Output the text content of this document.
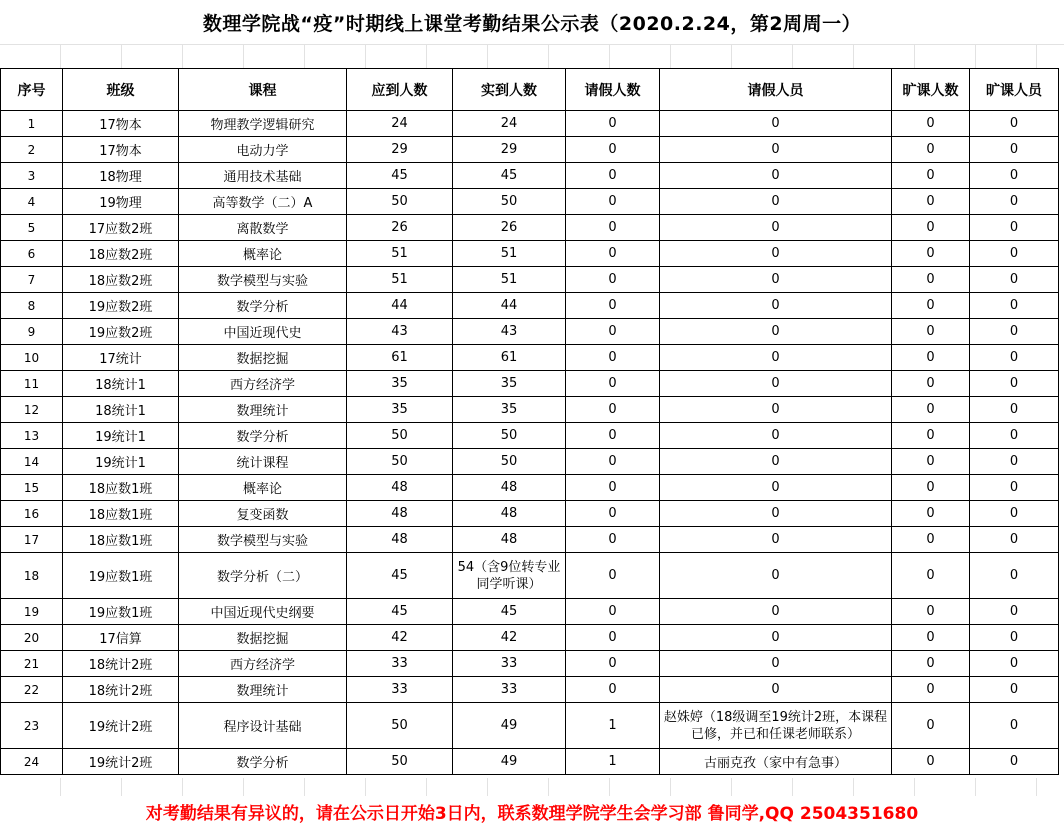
数理学院战“疫”时期线上课堂考勤结果公示表（2020.2.24，第2周周一）
序号	班级	课程	应到人数	实到人数	请假人数	请假人员	旷课人数	旷课人员
1	17物本	物理教学逻辑研究	24	24	0	0	0	0
2	17物本	电动力学	29	29	0	0	0	0
3	18物理	通用技术基础	45	45	0	0	0	0
4	19物理	高等数学（二）A	50	50	0	0	0	0
5	17应数2班	离散数学	26	26	0	0	0	0
6	18应数2班	概率论	51	51	0	0	0	0
7	18应数2班	数学模型与实验	51	51	0	0	0	0
8	19应数2班	数学分析	44	44	0	0	0	0
9	19应数2班	中国近现代史	43	43	0	0	0	0
10	17统计	数据挖掘	61	61	0	0	0	0
11	18统计1	西方经济学	35	35	0	0	0	0
12	18统计1	数理统计	35	35	0	0	0	0
13	19统计1	数学分析	50	50	0	0	0	0
14	19统计1	统计课程	50	50	0	0	0	0
15	18应数1班	概率论	48	48	0	0	0	0
16	18应数1班	复变函数	48	48	0	0	0	0
17	18应数1班	数学模型与实验	48	48	0	0	0	0
18	19应数1班	数学分析（二）	45	54（含9位转专业同学听课）	0	0	0	0
19	19应数1班	中国近现代史纲要	45	45	0	0	0	0
20	17信算	数据挖掘	42	42	0	0	0	0
21	18统计2班	西方经济学	33	33	0	0	0	0
22	18统计2班	数理统计	33	33	0	0	0	0
23	19统计2班	程序设计基础	50	49	1	赵姝婷（18级调至19统计2班，本课程已修，并已和任课老师联系）	0	0
24	19统计2班	数学分析	50	49	1	古丽克孜（家中有急事）	0	0
对考勤结果有异议的，请在公示日开始3日内，联系数理学院学生会学习部 鲁同学,QQ 2504351680
